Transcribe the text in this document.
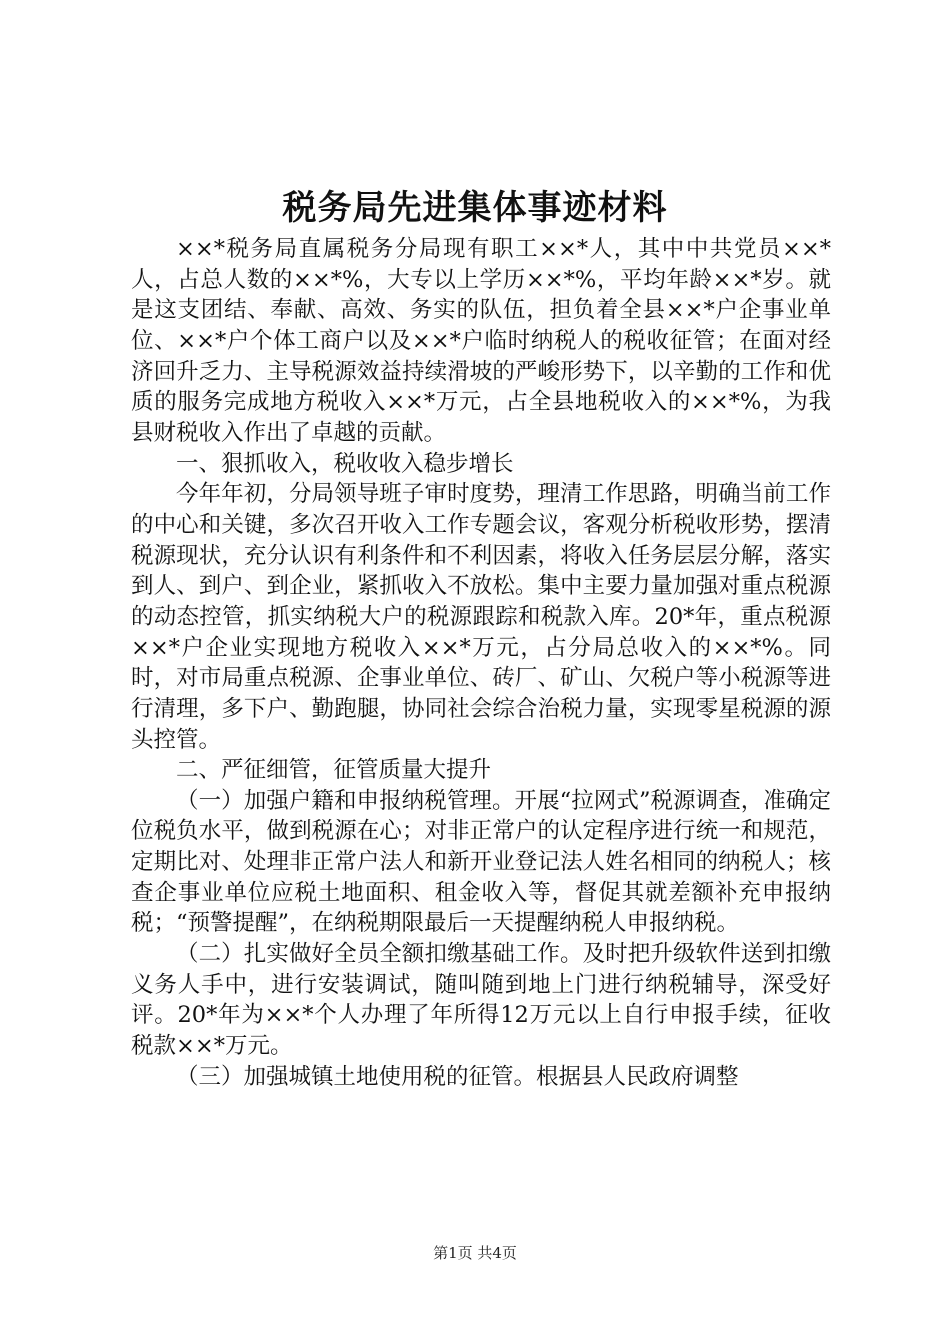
税务局先进集体事迹材料

××*税务局直属税务分局现有职工××*人，其中中共党员××*人，占总人数的××*%，大专以上学历××*%，平均年龄××*岁。就是这支团结、奉献、高效、务实的队伍，担负着全县××*户企事业单位、××*户个体工商户以及××*户临时纳税人的税收征管；在面对经济回升乏力、主导税源效益持续滑坡的严峻形势下，以辛勤的工作和优质的服务完成地方税收入××*万元，占全县地税收入的××*%，为我县财税收入作出了卓越的贡献。

一、狠抓收入，税收收入稳步增长

今年年初，分局领导班子审时度势，理清工作思路，明确当前工作的中心和关键，多次召开收入工作专题会议，客观分析税收形势，摆清税源现状，充分认识有利条件和不利因素，将收入任务层层分解，落实到人、到户、到企业，紧抓收入不放松。集中主要力量加强对重点税源的动态控管，抓实纳税大户的税源跟踪和税款入库。20*年，重点税源××*户企业实现地方税收入××*万元，占分局总收入的××*%。同时，对市局重点税源、企事业单位、砖厂、矿山、欠税户等小税源等进行清理，多下户、勤跑腿，协同社会综合治税力量，实现零星税源的源头控管。

二、严征细管，征管质量大提升

（一）加强户籍和申报纳税管理。开展“拉网式”税源调查，准确定位税负水平，做到税源在心；对非正常户的认定程序进行统一和规范，定期比对、处理非正常户法人和新开业登记法人姓名相同的纳税人；核查企事业单位应税土地面积、租金收入等，督促其就差额补充申报纳税；“预警提醒”，在纳税期限最后一天提醒纳税人申报纳税。

（二）扎实做好全员全额扣缴基础工作。及时把升级软件送到扣缴义务人手中，进行安装调试，随叫随到地上门进行纳税辅导，深受好评。20*年为××*个人办理了年所得12万元以上自行申报手续，征收税款××*万元。

（三）加强城镇土地使用税的征管。根据县人民政府调整

第1页 共4页
